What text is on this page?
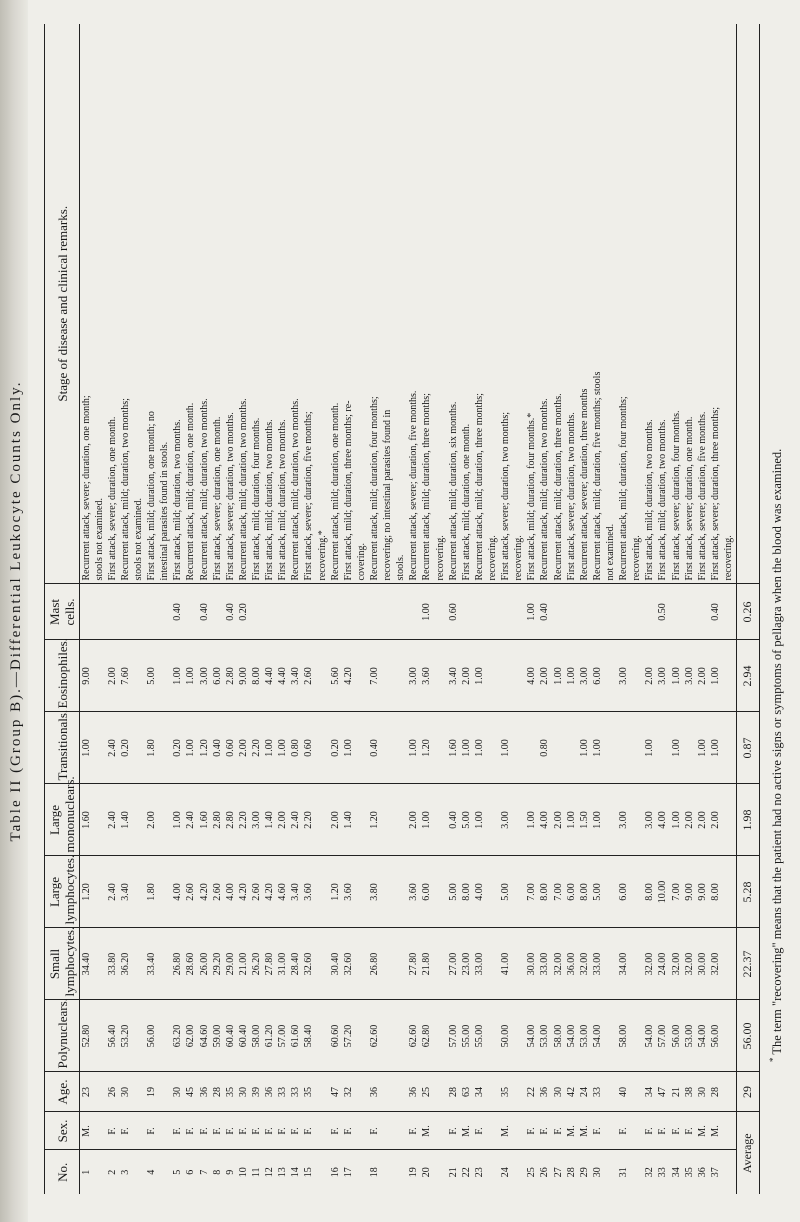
Table II (Group B).—Differential Leukocyte Counts Only.
No.	Sex.	Age.	Polynuclears.	Small lymphocytes.	Large lymphocytes.	Large mononuclears.	Transitionals.	Eosinophiles.	Mast cells.	Stage of disease and clinical remarks.
1	M.	23	52.80	34.40	1.20	1.60	1.00	9.00		Recurrent attack, severe; duration, one month;
										stools not examined.
2	F.	26	56.40	33.80	2.40	2.40	2.40	2.00		First attack, severe; duration, one month.
3	F.	30	53.20	36.20	3.40	1.40	0.20	7.60		Recurrent attack, mild; duration, two months;
										stools not examined.
4	F.	19	56.00	33.40	1.80	2.00	1.80	5.00		First attack, mild; duration, one month; no
										intestinal parasites found in stools.
5	F.	30	63.20	26.80	4.00	1.00	0.20	1.00	0.40	First attack, mild; duration, two months.
6	F.	45	62.00	28.60	2.60	2.40	1.00	1.00		Recurrent attack, mild; duration, one month.
7	F.	36	64.60	26.00	4.20	1.60	1.20	3.00	0.40	Recurrent attack, mild; duration, two months.
8	F.	28	59.00	29.20	2.60	2.80	0.40	6.00		First attack, severe; duration, one month.
9	F.	35	60.40	29.00	4.00	2.80	0.60	2.80	0.40	First attack, severe; duration, two months.
10	F.	30	60.40	21.00	4.20	2.20	2.00	9.00	0.20	Recurrent attack, mild; duration, two months.
11	F.	39	58.00	26.20	2.60	3.00	2.20	8.00		First attack, mild; duration, four months.
12	F.	36	61.20	27.80	4.20	1.40	1.00	4.40		First attack, mild; duration, two months.
13	F.	33	57.00	31.00	4.60	2.00	1.00	4.40		First attack, mild; duration, two months.
14	F.	33	61.60	28.40	3.40	2.40	0.80	3.40		Recurrent attack, mild; duration, two months.
15	F.	35	58.40	32.60	3.60	2.20	0.60	2.60		First attack, severe; duration, five months;
										recovering.*
16	F.	47	60.60	30.40	1.20	2.00	0.20	5.60		Recurrent attack, mild; duration, one month.
17	F.	32	57.20	32.60	3.60	1.40	1.00	4.20		First attack, mild; duration, three months; re-
										covering.
18	F.	36	62.60	26.80	3.80	1.20	0.40	7.00		Recurrent attack, mild; duration, four months;
										recovering; no intestinal parasites found in
										stools.
19	F.	36	62.60	27.80	3.60	2.00	1.00	3.00		Recurrent attack, severe; duration, five months.
20	M.	25	62.80	21.80	6.00	1.00	1.20	3.60	1.00	Recurrent attack, mild; duration, three months;
										recovering.
21	F.	28	57.00	27.00	5.00	0.40	1.60	3.40	0.60	Recurrent attack, mild; duration, six months.
22	M.	63	55.00	23.00	8.00	5.00	1.00	2.00		First attack, mild; duration, one month.
23	F.	34	55.00	33.00	4.00	1.00	1.00	1.00		Recurrent attack, mild; duration, three months;
										recovering.
24	M.	35	50.00	41.00	5.00	3.00	1.00			First attack, severe; duration, two months;
										recovering.
25	F.	22	54.00	30.00	7.00	1.00		4.00	1.00	First attack, mild; duration, four months.*
26	F.	36	53.00	33.00	8.00	4.00	0.80	2.00	0.40	Recurrent attack, mild; duration, two months.
27	F.	30	58.00	32.00	7.00	2.00		1.00		Recurrent attack, mild; duration, three months.
28	M.	42	54.00	36.00	6.00	1.00		1.00		First attack, severe; duration, two months.
29	M.	24	53.00	32.00	8.00	1.50	1.00	3.00		Recurrent attack, severe; duration, three months
30	F.	33	54.00	33.00	5.00	1.00	1.00	6.00		Recurrent attack, mild; duration, five months; stools
										not examined.
31	F.	40	58.00	34.00	6.00	3.00		3.00		Recurrent attack, mild; duration, four months;
										recovering.
32	F.	34	54.00	32.00	8.00	3.00	1.00	2.00		First attack, mild; duration, two months.
33	F.	47	57.00	24.00	10.00	4.00		3.00	0.50	First attack, mild; duration, two months.
34	F.	21	56.00	32.00	7.00	1.00	1.00	1.00		First attack, severe; duration, four months.
35	F.	38	53.00	32.00	9.00	2.00		3.00		First attack, severe; duration, one month.
36	M.	30	54.00	30.00	9.00	2.00	1.00	2.00		First attack, severe; duration, five months.
37	M.	28	56.00	32.00	8.00	2.00	1.00	1.00	0.40	First attack, severe; duration, three months;
										recovering.
Average		29	56.00	22.37	5.28	1.98	0.87	2.94	0.26	
* The term "recovering" means that the patient had no active signs or symptoms of pellagra when the blood was examined.
